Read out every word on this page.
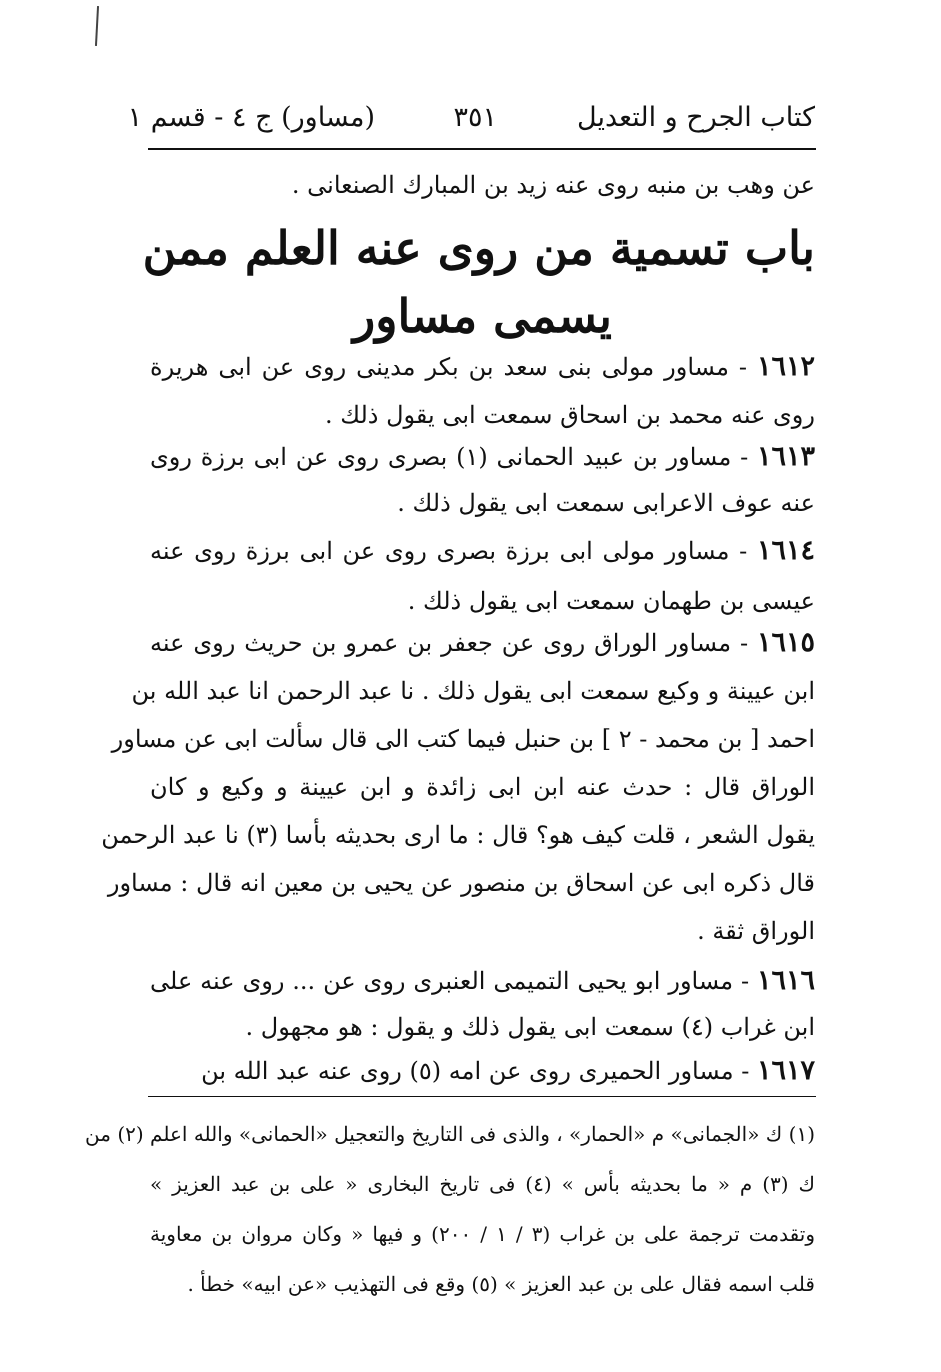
كتاب الجرح و التعديل
٣٥١
(مساور) ج ٤ - قسم ١
عن وهب بن منبه روى عنه زيد بن المبارك الصنعانى .
باب تسمية من روى عنه العلم ممن
يسمى مساور
١٦١٢ - مساور مولى بنى سعد بن بكر مدينى روى عن ابى هريرة
روى عنه محمد بن اسحاق سمعت ابى يقول ذلك .
١٦١٣ - مساور بن عبيد الحمانى (١) بصرى روى عن ابى برزة روى
عنه عوف الاعرابى سمعت ابى يقول ذلك .
١٦١٤ - مساور مولى ابى برزة بصرى روى عن ابى برزة روى عنه
عيسى بن طهمان سمعت ابى يقول ذلك .
١٦١٥ - مساور الوراق روى عن جعفر بن عمرو بن حريث روى عنه
ابن عيينة و وكيع سمعت ابى يقول ذلك . نا عبد الرحمن انا عبد الله بن
احمد [ بن محمد - ٢ ] بن حنبل فيما كتب الى قال سألت ابى عن مساور
الوراق قال : حدث عنه ابن ابى زائدة و ابن عيينة و وكيع و كان
يقول الشعر ، قلت كيف هو؟ قال : ما ارى بحديثه بأسا (٣) نا عبد الرحمن
قال ذكره ابى عن اسحاق بن منصور عن يحيى بن معين انه قال : مساور
الوراق ثقة .
١٦١٦ - مساور ابو يحيى التميمى العنبرى روى عن ... روى عنه على
ابن غراب (٤) سمعت ابى يقول ذلك و يقول : هو مجهول .
١٦١٧ - مساور الحميرى روى عن امه (٥) روى عنه عبد الله بن
(١) ك «الجمانى» م «الحمار» ، والذى فى التاريخ والتعجيل «الحمانى» والله اعلم (٢) من
ك (٣) م « ما بحديثه بأس » (٤) فى تاريخ البخارى « على بن عبد العزيز »
وتقدمت ترجمة على بن غراب (٣ / ١ / ٢٠٠) و فيها « وكان مروان بن معاوية
قلب اسمه فقال على بن عبد العزيز » (٥) وقع فى التهذيب «عن ابيه» خطأ .
